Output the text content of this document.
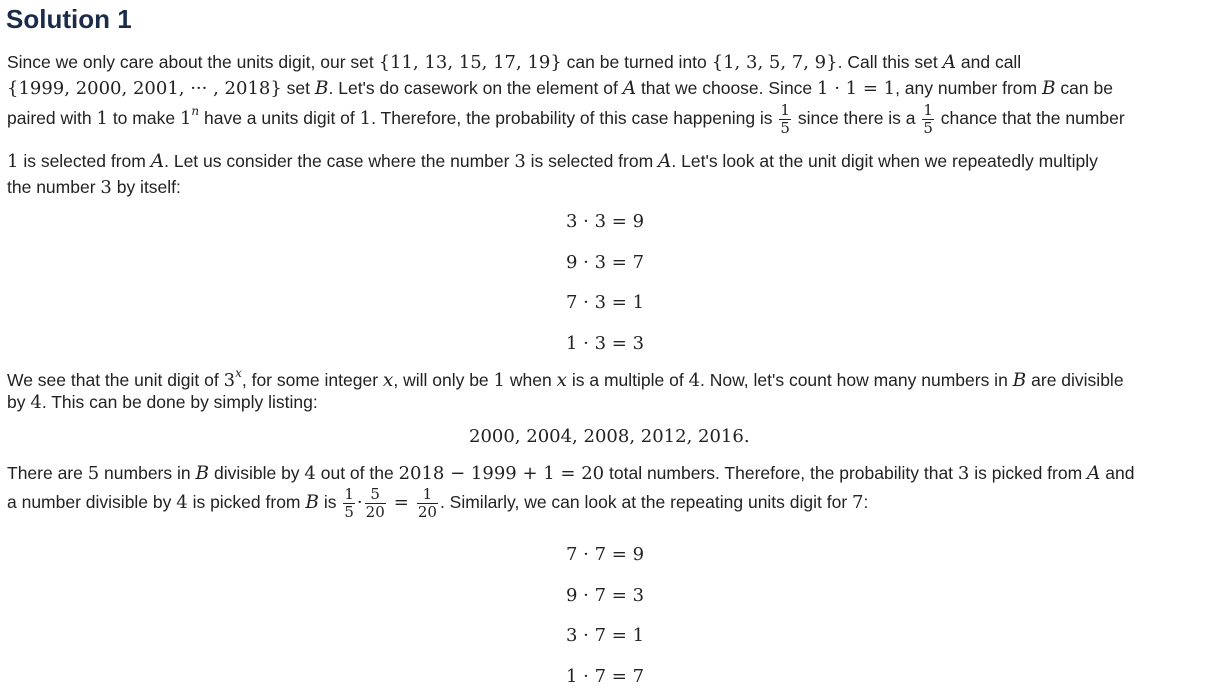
Solution 1
Since we only care about the units digit, our set {11, 13, 15, 17, 19} can be turned into {1, 3, 5, 7, 9}. Call this set A and call
{1999, 2000, 2001, ··· , 2018} set B. Let's do casework on the element of A that we choose. Since 1 · 1 = 1, any number from B can be
paired with 1 to make 1$^n$ have a units digit of 1. Therefore, the probability of this case happening is $\frac{1}{5}$ since there is a $\frac{1}{5}$ chance that the number
1 is selected from A. Let us consider the case where the number 3 is selected from A. Let's look at the unit digit when we repeatedly multiply
the number 3 by itself:
3 · 3 = 9
9 · 3 = 7
7 · 3 = 1
1 · 3 = 3
We see that the unit digit of 3$^x$, for some integer x, will only be 1 when x is a multiple of 4. Now, let's count how many numbers in B are divisible
by 4. This can be done by simply listing:
2000, 2004, 2008, 2012, 2016.
There are 5 numbers in B divisible by 4 out of the 2018 − 1999 + 1 = 20 total numbers. Therefore, the probability that 3 is picked from A and
a number divisible by 4 is picked from B is $\frac{1}{5} \cdot \frac{5}{20} = \frac{1}{20}$ . Similarly, we can look at the repeating units digit for 7:
7 · 7 = 9
9 · 7 = 3
3 · 7 = 1
1 · 7 = 7
